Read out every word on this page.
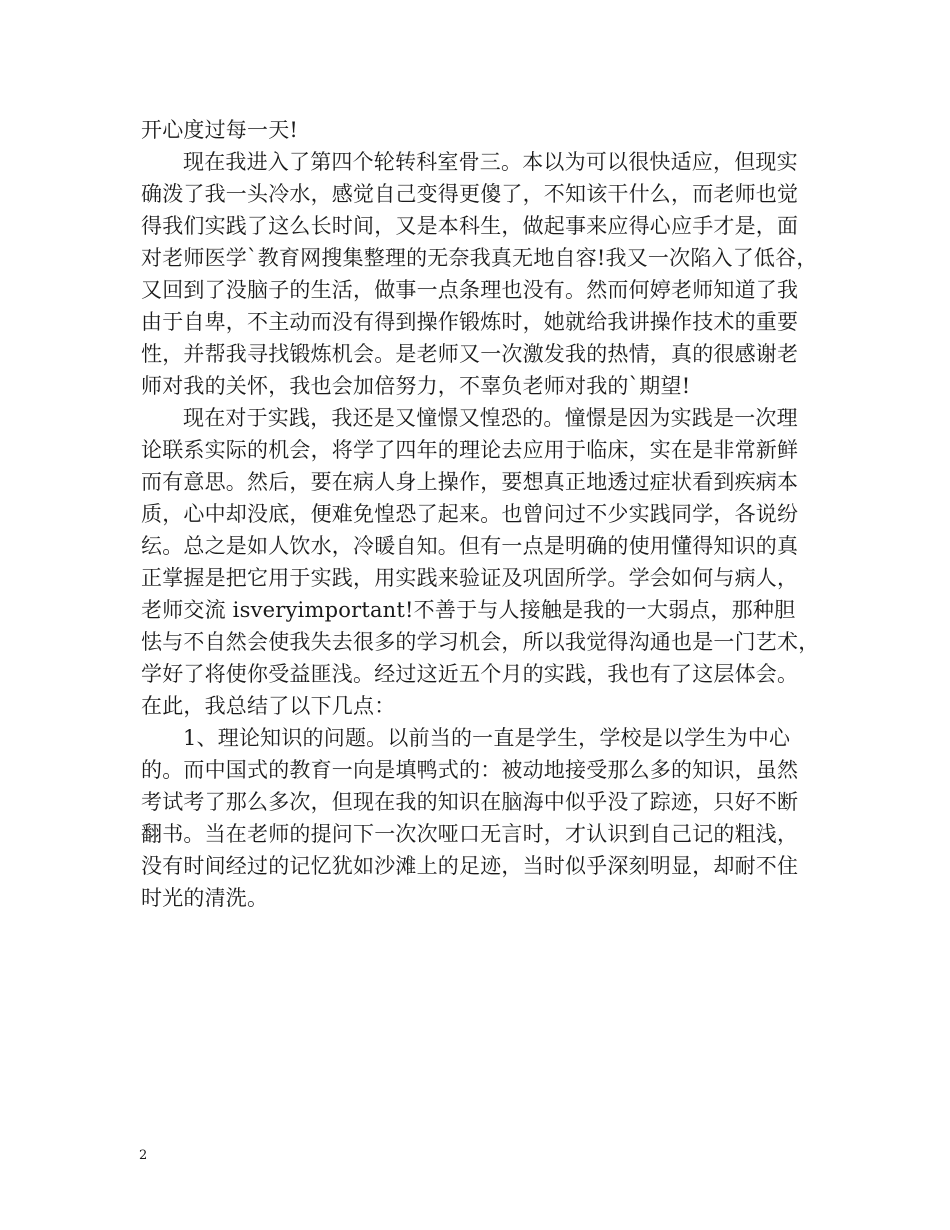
开心度过每一天!
现在我进入了第四个轮转科室骨三。本以为可以很快适应，但现实
确泼了我一头冷水，感觉自己变得更傻了，不知该干什么，而老师也觉
得我们实践了这么长时间，又是本科生，做起事来应得心应手才是，面
对老师医学`教育网搜集整理的无奈我真无地自容!我又一次陷入了低谷，
又回到了没脑子的生活，做事一点条理也没有。然而何婷老师知道了我
由于自卑，不主动而没有得到操作锻炼时，她就给我讲操作技术的重要
性，并帮我寻找锻炼机会。是老师又一次激发我的热情，真的很感谢老
师对我的关怀，我也会加倍努力，不辜负老师对我的`期望!
现在对于实践，我还是又憧憬又惶恐的。憧憬是因为实践是一次理
论联系实际的机会，将学了四年的理论去应用于临床，实在是非常新鲜
而有意思。然后，要在病人身上操作，要想真正地透过症状看到疾病本
质，心中却没底，便难免惶恐了起来。也曾问过不少实践同学，各说纷
纭。总之是如人饮水，冷暖自知。但有一点是明确的使用懂得知识的真
正掌握是把它用于实践，用实践来验证及巩固所学。学会如何与病人，
老师交流 isveryimportant!不善于与人接触是我的一大弱点，那种胆
怯与不自然会使我失去很多的学习机会，所以我觉得沟通也是一门艺术，
学好了将使你受益匪浅。经过这近五个月的实践，我也有了这层体会。
在此，我总结了以下几点：
1、理论知识的问题。以前当的一直是学生，学校是以学生为中心
的。而中国式的教育一向是填鸭式的：被动地接受那么多的知识，虽然
考试考了那么多次，但现在我的知识在脑海中似乎没了踪迹，只好不断
翻书。当在老师的提问下一次次哑口无言时，才认识到自己记的粗浅，
没有时间经过的记忆犹如沙滩上的足迹，当时似乎深刻明显，却耐不住
时光的清洗。
2
